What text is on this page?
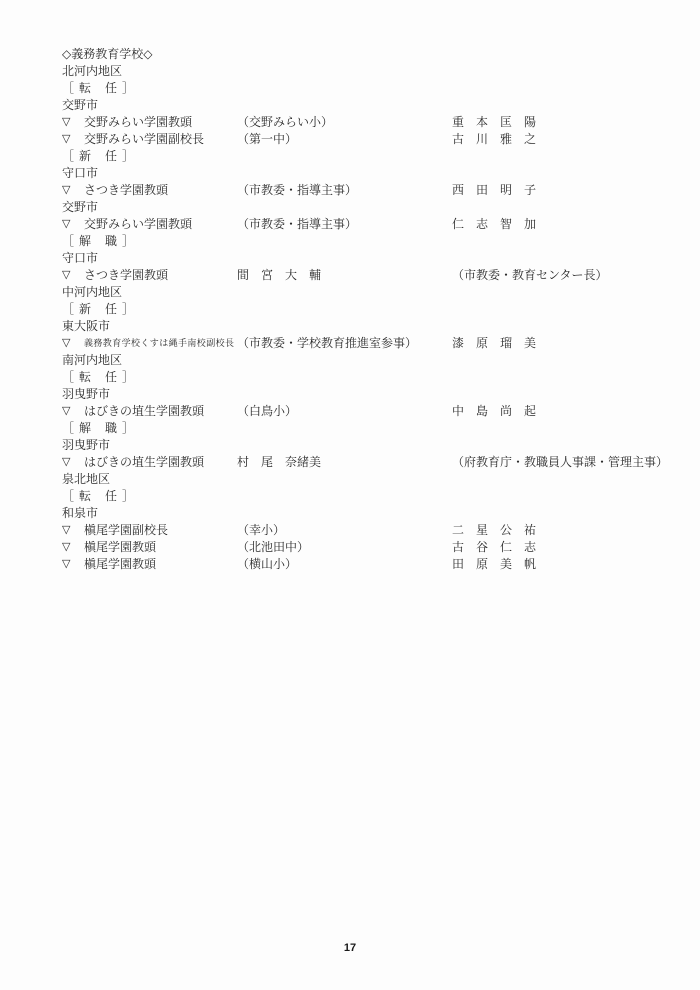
◇義務教育学校◇
北河内地区
［ 転　任 ］
交野市
▽ 交野みらい学園教頭	（交野みらい小）	重　本　匡　陽
▽ 交野みらい学園副校長	（第一中）	古　川　雅　之
［ 新　任 ］
守口市
▽ さつき学園教頭	（市教委・指導主事）	西　田　明　子
交野市
▽ 交野みらい学園教頭	（市教委・指導主事）	仁　志　智　加
［ 解　職 ］
守口市
▽ さつき学園教頭	間　宮　大　輔	（市教委・教育センター長）
中河内地区
［ 新　任 ］
東大阪市
▽ 義務教育学校くすは縄手南校副校長 （市教委・学校教育推進室参事）	漆　原　瑠　美
南河内地区
［ 転　任 ］
羽曳野市
▽ はびきの埴生学園教頭	（白鳥小）	中　島　尚　起
［ 解　職 ］
羽曳野市
▽ はびきの埴生学園教頭	村　尾　奈緒美	（府教育庁・教職員人事課・管理主事）
泉北地区
［ 転　任 ］
和泉市
▽ 槇尾学園副校長	（幸小）	二　星　公　祐
▽ 槇尾学園教頭	（北池田中）	古　谷　仁　志
▽ 槇尾学園教頭	（横山小）	田　原　美　帆
17
